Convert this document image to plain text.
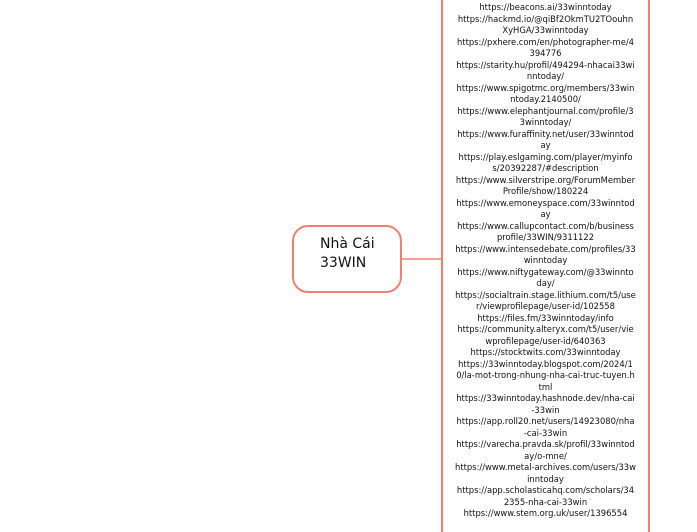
Nhà Cái
33WIN
https://beacons.ai/33winntoday
https://hackmd.io/@qiBf2OkmTU2TOouhnXyHGA/33winntoday
https://pxhere.com/en/photographer-me/4394776
https://starity.hu/profil/494294-nhacai33winntoday/
https://www.spigotmc.org/members/33winntoday.2140500/
https://www.elephantjournal.com/profile/33winntoday/
https://www.furaffinity.net/user/33winntoday
https://play.eslgaming.com/player/myinfos/20392287/#description
https://www.silverstripe.org/ForumMemberProfile/show/180224
https://www.emoneyspace.com/33winntoday
https://www.callupcontact.com/b/businessprofile/33WIN/9311122
https://www.intensedebate.com/profiles/33winntoday
https://www.niftygateway.com/@33winntoday/
https://socialtrain.stage.lithium.com/t5/user/viewprofilepage/user-id/102558
https://files.fm/33winntoday/info
https://community.alteryx.com/t5/user/viewprofilepage/user-id/640363
https://stocktwits.com/33winntoday
https://33winntoday.blogspot.com/2024/10/la-mot-trong-nhung-nha-cai-truc-tuyen.html
https://33winntoday.hashnode.dev/nha-cai-33win
https://app.roll20.net/users/14923080/nha-cai-33win
https://varecha.pravda.sk/profil/33winntoday/o-mne/
https://www.metal-archives.com/users/33winntoday
https://app.scholasticahq.com/scholars/342355-nha-cai-33win
https://www.stem.org.uk/user/1396554
